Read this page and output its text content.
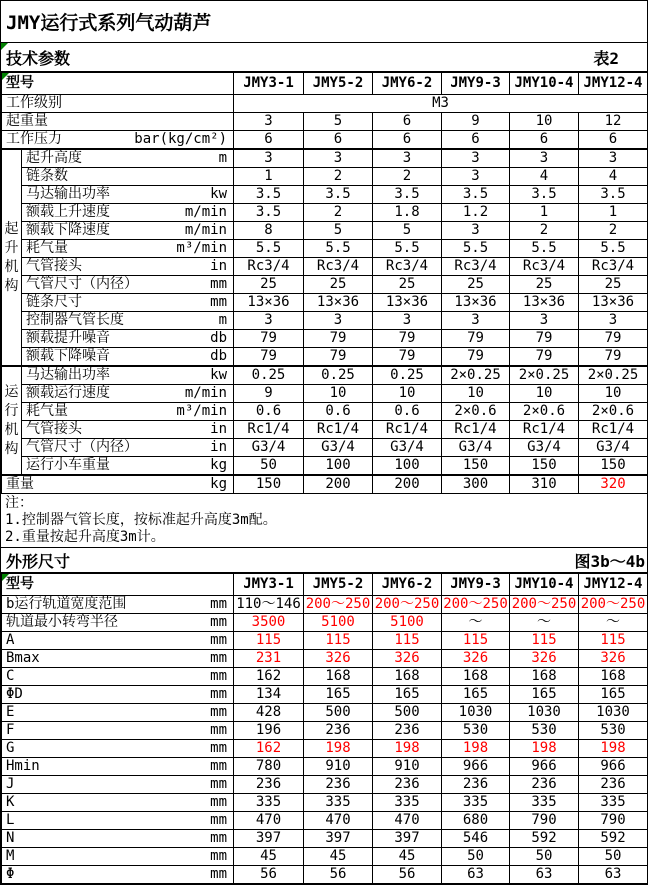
JMY运行式系列气动葫芦
技术参数	表2
型号		JMY3-1	JMY5-2	JMY6-2	JMY9-3	JMY10-4	JMY12-4

工作级别		M3					

起重量		3	5	6	9	10	12

工作压力 bar(kg/cm²)		6	6	6	6	6	6

起
升
机
构

起升高度	m	3	3	3	3	3	3

	链条数	1	2	2	3	4	4

	马达输出功率 kw	3.5	3.5	3.5	3.5	3.5	3.5

	额载上升速度 m/min	3.5	2	1.8	1.2	1	1

	额载下降速度 m/min	8	5	5	3	2	2

	耗气量 m³/min	5.5	5.5	5.5	5.5	5.5	5.5

	气管接头 in	Rc3/4	Rc3/4	Rc3/4	Rc3/4	Rc3/4	Rc3/4

	气管尺寸（内径） mm	25	25	25	25	25	25

	链条尺寸 mm	13×36	13×36	13×36	13×36	13×36	13×36

	控制器气管长度 m	3	3	3	3	3	3

	额载提升噪音 db	79	79	79	79	79	79

	额载下降噪音 db	79	79	79	79	79	79

运
行
机
构

马达输出功率	kw	0.25	0.25	0.25	2×0.25	2×0.25	2×0.25

	额载运行速度 m/min	9	10	10	10	10	10

	耗气量 m³/min	0.6	0.6	0.6	2×0.6	2×0.6	2×0.6

	气管接头 in	Rc1/4	Rc1/4	Rc1/4	Rc1/4	Rc1/4	Rc1/4

	气管尺寸（内径） in	G3/4	G3/4	G3/4	G3/4	G3/4	G3/4

	运行小车重量 kg	50	100	100	150	150	150

重量 kg		150	200	200	300	310	320
注：
1.控制器气管长度，按标准起升高度3m配。
2.重量按起升高度3m计。
外形尺寸	图3b～4b
型号	JMY3-1	JMY5-2	JMY6-2	JMY9-3	JMY10-4	JMY12-4

b运行轨道宽度范围 mm	110～146	200～250	200～250	200～250	200～250	200～250

轨道最小转弯半径 mm	3500	5100	5100	～	～	～

A mm	115	115	115	115	115	115

Bmax mm	231	326	326	326	326	326

C mm	162	168	168	168	168	168

ΦD mm	134	165	165	165	165	165

E mm	428	500	500	1030	1030	1030

F mm	196	236	236	530	530	530

G mm	162	198	198	198	198	198

Hmin mm	780	910	910	966	966	966

J mm	236	236	236	236	236	236

K mm	335	335	335	335	335	335

L mm	470	470	470	680	790	790

N mm	397	397	397	546	592	592

M mm	45	45	45	50	50	50

Φ mm	56	56	56	63	63	63
